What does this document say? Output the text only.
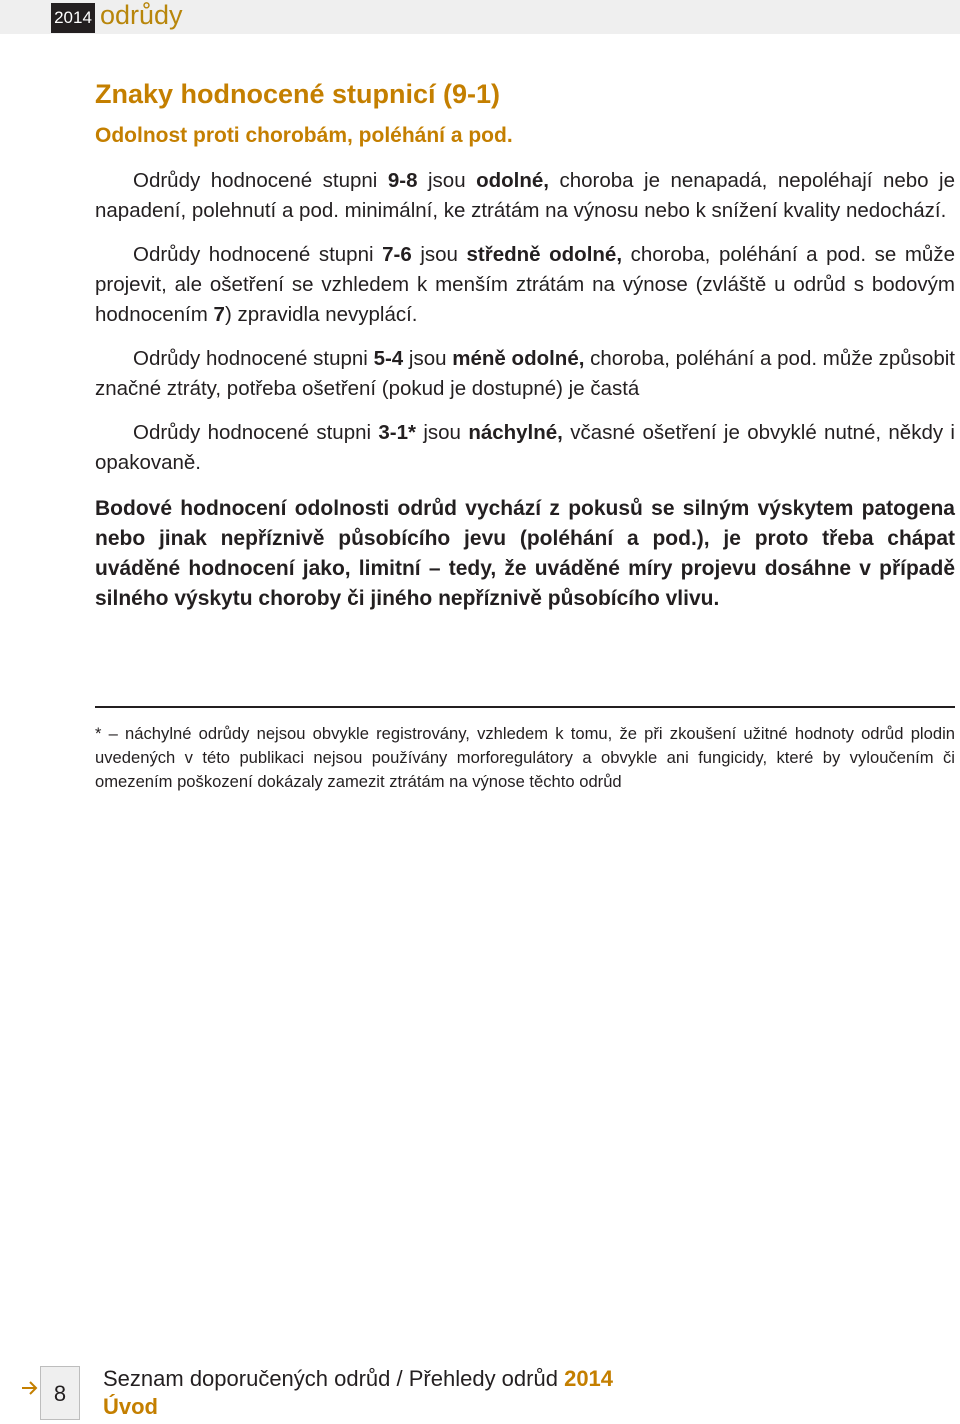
2014 odrůdy
Znaky hodnocené stupnicí (9-1)
Odolnost proti chorobám, poléhání a pod.

Odrůdy hodnocené stupni 9-8 jsou odolné, choroba je nenapadá, nepoléhají nebo je napadení, polehnutí a pod. minimální, ke ztrátám na výnosu nebo k snížení kvality nedochází.

Odrůdy hodnocené stupni 7-6 jsou středně odolné, choroba, poléhání a pod. se může projevit, ale ošetření se vzhledem k menším ztrátám na výnose (zvláště u odrůd s bodovým hodnocením 7) zpravidla nevyplácí.

Odrůdy hodnocené stupni 5-4 jsou méně odolné, choroba, poléhání a pod. může způsobit značné ztráty, potřeba ošetření (pokud je dostupné) je častá

Odrůdy hodnocené stupni 3-1* jsou náchylné, včasné ošetření je obvyklé nutné, někdy i opakovaně.

Bodové hodnocení odolnosti odrůd vychází z pokusů se silným výskytem patogena nebo jinak nepříznivě působícího jevu (poléhání a pod.), je proto třeba chápat uváděné hodnocení jako, limitní – tedy, že uváděné míry projevu dosáhne v případě silného výskytu choroby či jiného nepříznivě působícího vlivu.

* – náchylné odrůdy nejsou obvykle registrovány, vzhledem k tomu, že při zkoušení užitné hodnoty odrůd plodin uvedených v této publikaci nejsou používány morforegulátory a obvykle ani fungicidy, které by vyloučením či omezením poškození dokázaly zamezit ztrátám na výnose těchto odrůd

8
Seznam doporučených odrůd / Přehledy odrůd 2014
Úvod
